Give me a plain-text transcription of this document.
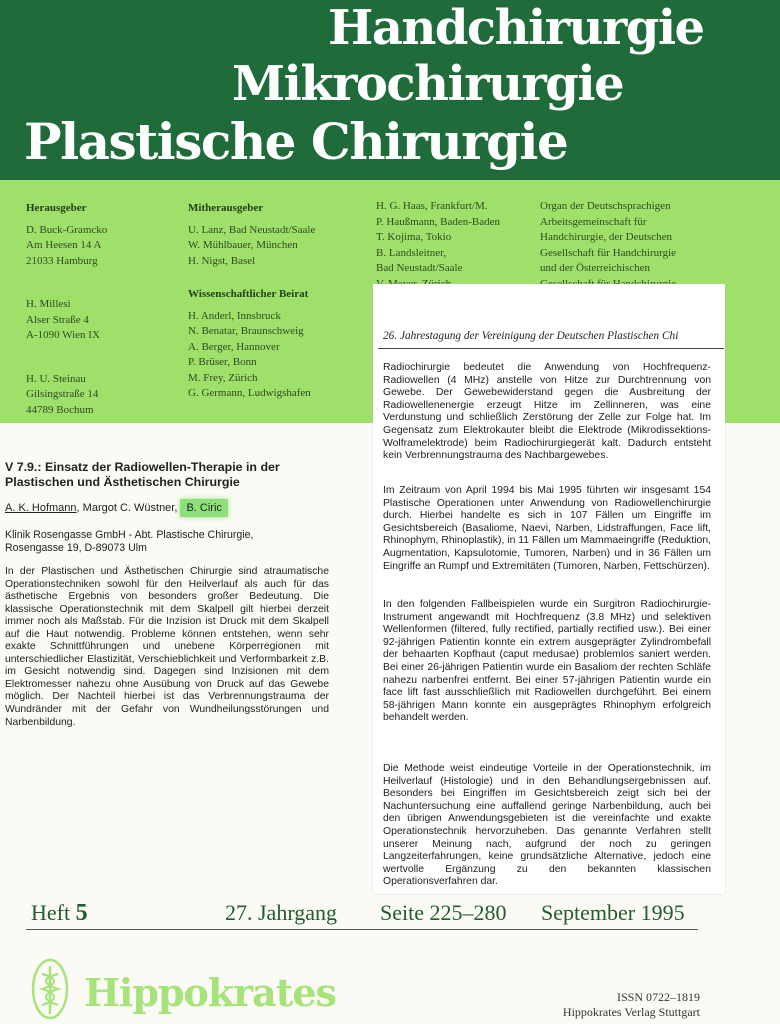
Handchirurgie
Mikrochirurgie
Plastische Chirurgie
Herausgeber
D. Buck-Gramcko
Am Heesen 14 A
21033 Hamburg
H. Millesi
Alser Straße 4
A-1090 Wien IX
H. U. Steinau
Gilsingstraße 14
44789 Bochum
Mitherausgeber
U. Lanz, Bad Neustadt/Saale
W. Mühlbauer, München
H. Nigst, Basel
Wissenschaftlicher Beirat
H. Anderl, Innsbruck
N. Benatar, Braunschweig
A. Berger, Hannover
P. Brüser, Bonn
M. Frey, Zürich
G. Germann, Ludwigshafen
H. G. Haas, Frankfurt/M.
P. Haußmann, Baden-Baden
T. Kojima, Tokio
B. Landsleitner,
Bad Neustadt/Saale
Organ der Deutschsprachigen
Arbeitsgemeinschaft für
Handchirurgie, der Deutschen
Gesellschaft für Handchirurgie
und der Österreichischen
26. Jahrestagung der Vereinigung der Deutschen Plastischen Chi
Radiochirurgie bedeutet die Anwendung von Hochfrequenz-Radiowellen (4 MHz) anstelle von Hitze zur Durchtrennung von Gewebe. Der Gewebewiderstand gegen die Ausbreitung der Radiowellenenergie erzeugt Hitze im Zellinneren, was eine Verdunstung und schließlich Zerstörung der Zelle zur Folge hat. Im Gegensatz zum Elektrokauter bleibt die Elektrode (Mikrodissektions-Wolframelektrode) beim Radiochirurgiegerät kalt. Dadurch entsteht kein Verbrennungstrauma des Nachbargewebes.
Im Zeitraum von April 1994 bis Mai 1995 führten wir insgesamt 154 Plastische Operationen unter Anwendung von Radiowellenchirurgie durch. Hierbei handelte es sich in 107 Fällen um Eingriffe im Gesichtsbereich (Basaliome, Naevi, Narben, Lidstraffungen, Face lift, Rhinophym, Rhinoplastik), in 11 Fällen um Mammaeingriffe (Reduktion, Augmentation, Kapsulotomie, Tumoren, Narben) und in 36 Fällen um Eingriffe an Rumpf und Extremitäten (Tumoren, Narben, Fettschürzen).
In den folgenden Fallbeispielen wurde ein Surgitron Radiochirurgie-Instrument angewandt mit Hochfrequenz (3.8 MHz) und selektiven Wellenformen (filtered, fully rectified, partially rectified usw.). Bei einer 92-jährigen Patientin konnte ein extrem ausgeprägter Zylindrombefall der behaarten Kopfhaut (caput medusae) problemlos saniert werden. Bei einer 26-jährigen Patientin wurde ein Basaliom der rechten Schläfe nahezu narbenfrei entfernt. Bei einer 57-jährigen Patientin wurde ein face lift fast ausschließlich mit Radiowellen durchgeführt. Bei einem 58-jährigen Mann konnte ein ausgeprägtes Rhinophym erfolgreich behandelt werden.
Die Methode weist eindeutige Vorteile in der Operationstechnik, im Heilverlauf (Histologie) und in den Behandlungsergebnissen auf. Besonders bei Eingriffen im Gesichtsbereich zeigt sich bei der Nachuntersuchung eine auffallend geringe Narbenbildung, auch bei den übrigen Anwendungsgebieten ist die vereinfachte und exakte Operationstechnik hervorzuheben. Das genannte Verfahren stellt unserer Meinung nach, aufgrund der noch zu geringen Langzeiterfahrungen, keine grundsätzliche Alternative, jedoch eine wertvolle Ergänzung zu den bekannten klassischen Operationsverfahren dar.
V 7.9.: Einsatz der Radiowellen-Therapie in der Plastischen und Ästhetischen Chirurgie
A. K. Hofmann, Margot C. Wüstner, B. Ciric
Klinik Rosengasse GmbH - Abt. Plastische Chirurgie,
Rosengasse 19, D-89073 Ulm
In der Plastischen und Ästhetischen Chirurgie sind atraumatische Operationstechniken sowohl für den Heilverlauf als auch für das ästhetische Ergebnis von besonders großer Bedeutung. Die klassische Operationstechnik mit dem Skalpell gilt hierbei derzeit immer noch als Maßstab. Für die Inzision ist Druck mit dem Skalpell auf die Haut notwendig. Probleme können entstehen, wenn sehr exakte Schnittführungen und unebene Körperregionen mit unterschiedlicher Elastizität, Verschieblichkeit und Verformbarkeit z.B. im Gesicht notwendig sind. Dagegen sind Inzisionen mit dem Elektromesser nahezu ohne Ausübung von Druck auf das Gewebe möglich. Der Nachteil hierbei ist das Verbrennungstrauma der Wundränder mit der Gefahr von Wundheilungsstörungen und Narbenbildung.
Heft 5	27. Jahrgang Seite 225–280 September 1995
Hippokrates	ISSN 0722–1819
Hippokrates Verlag Stuttgart
